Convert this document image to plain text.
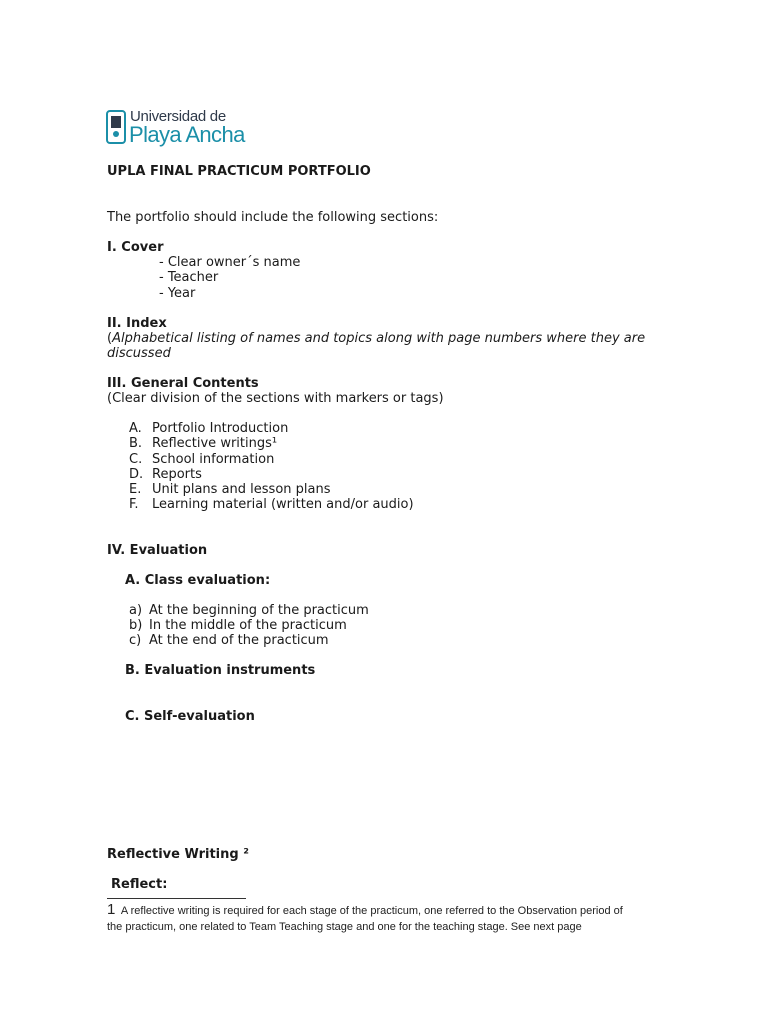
Universidad de
Playa Ancha
UPLA FINAL PRACTICUM PORTFOLIO
The portfolio should include the following sections:
I. Cover
- Clear owner´s name
- Teacher
- Year
II. Index
(Alphabetical listing of names and topics along with page numbers where they are
discussed
III. General Contents
(Clear division of the sections with markers or tags)
A. Portfolio Introduction
B. Reflective writings¹
C. School information
D. Reports
E. Unit plans and lesson plans
F. Learning material (written and/or audio)
IV. Evaluation
A. Class evaluation:
a) At the beginning of the practicum
b) In the middle of the practicum
c) At the end of the practicum
B. Evaluation instruments
C. Self-evaluation
Reflective Writing ²
Reflect:
1 A reflective writing is required for each stage of the practicum, one referred to the Observation period of
the practicum, one related to Team Teaching stage and one for the teaching stage. See next page
